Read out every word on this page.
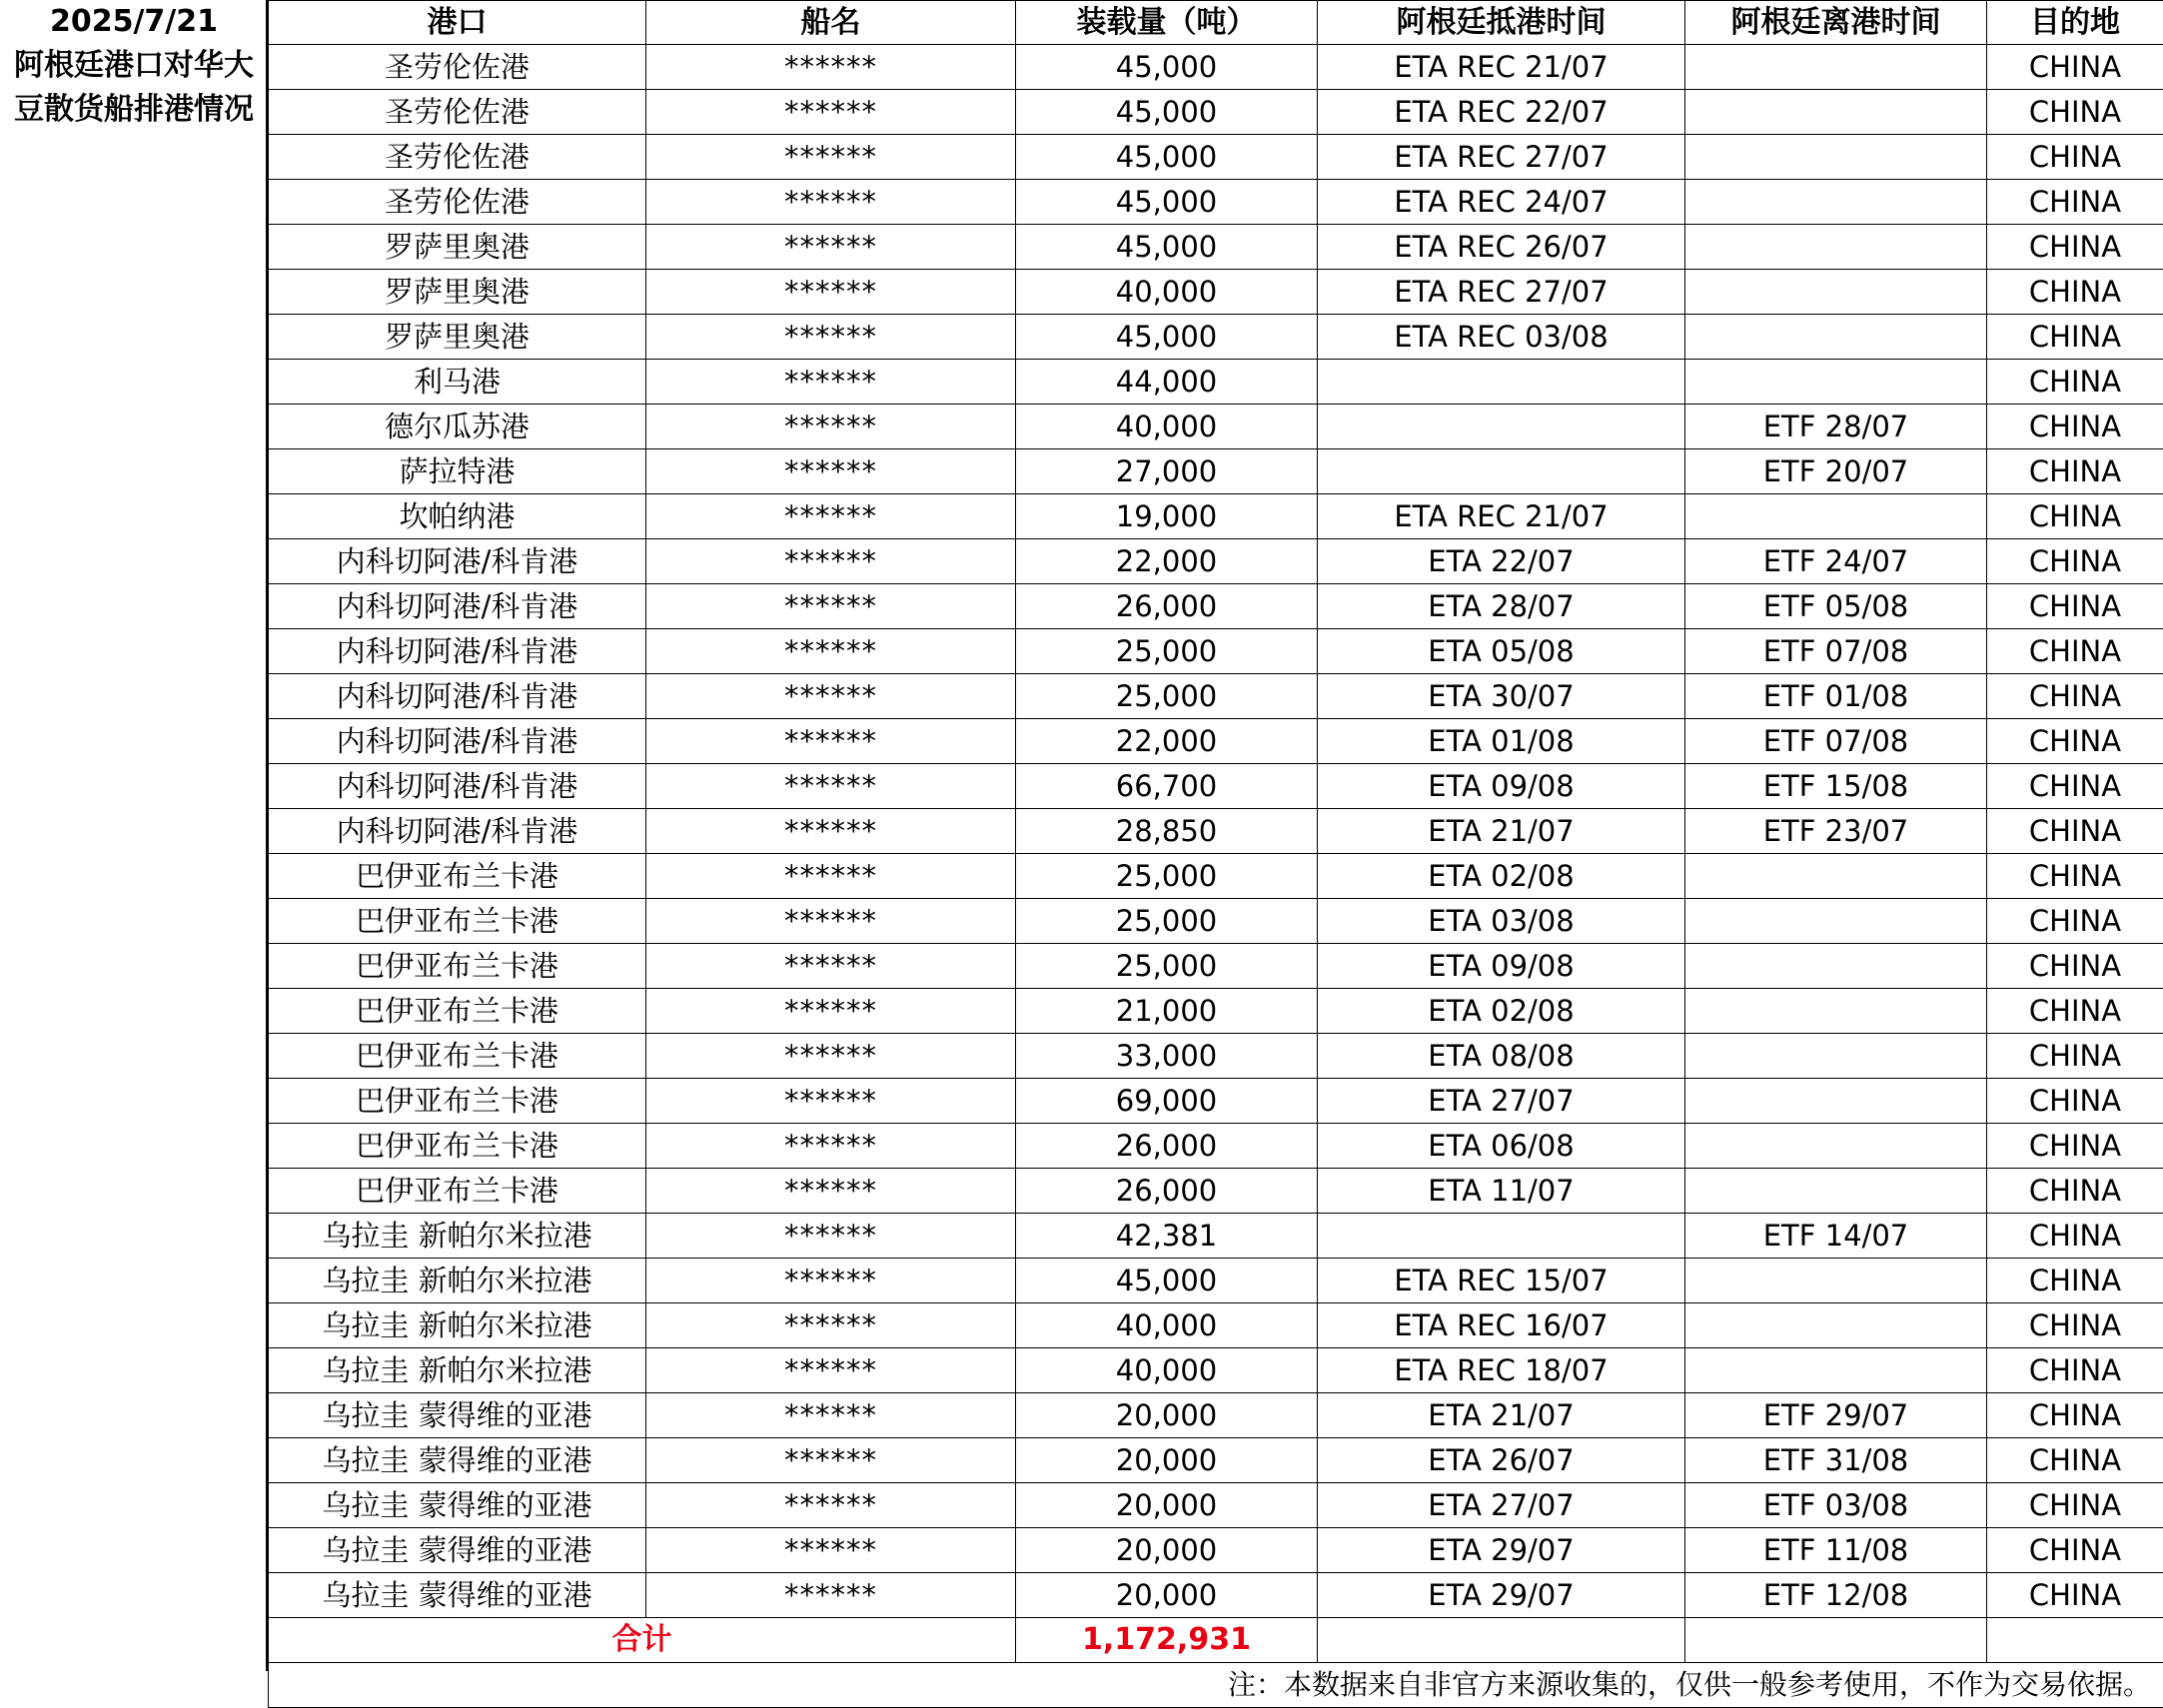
2025/7/21
阿根廷港口对华大豆散货船排港情况
港口	船名	装载量（吨）	阿根廷抵港时间	阿根廷离港时间	目的地
圣劳伦佐港	******	45,000	ETA REC 21/07		CHINA
圣劳伦佐港	******	45,000	ETA REC 22/07		CHINA
圣劳伦佐港	******	45,000	ETA REC 27/07		CHINA
圣劳伦佐港	******	45,000	ETA REC 24/07		CHINA
罗萨里奥港	******	45,000	ETA REC 26/07		CHINA
罗萨里奥港	******	40,000	ETA REC 27/07		CHINA
罗萨里奥港	******	45,000	ETA REC 03/08		CHINA
利马港	******	44,000			CHINA
德尔瓜苏港	******	40,000		ETF 28/07	CHINA
萨拉特港	******	27,000		ETF 20/07	CHINA
坎帕纳港	******	19,000	ETA REC 21/07		CHINA
内科切阿港/科肯港	******	22,000	ETA 22/07	ETF 24/07	CHINA
内科切阿港/科肯港	******	26,000	ETA 28/07	ETF 05/08	CHINA
内科切阿港/科肯港	******	25,000	ETA 05/08	ETF 07/08	CHINA
内科切阿港/科肯港	******	25,000	ETA 30/07	ETF 01/08	CHINA
内科切阿港/科肯港	******	22,000	ETA 01/08	ETF 07/08	CHINA
内科切阿港/科肯港	******	66,700	ETA 09/08	ETF 15/08	CHINA
内科切阿港/科肯港	******	28,850	ETA 21/07	ETF 23/07	CHINA
巴伊亚布兰卡港	******	25,000	ETA 02/08		CHINA
巴伊亚布兰卡港	******	25,000	ETA 03/08		CHINA
巴伊亚布兰卡港	******	25,000	ETA 09/08		CHINA
巴伊亚布兰卡港	******	21,000	ETA 02/08		CHINA
巴伊亚布兰卡港	******	33,000	ETA 08/08		CHINA
巴伊亚布兰卡港	******	69,000	ETA 27/07		CHINA
巴伊亚布兰卡港	******	26,000	ETA 06/08		CHINA
巴伊亚布兰卡港	******	26,000	ETA 11/07		CHINA
乌拉圭 新帕尔米拉港	******	42,381		ETF 14/07	CHINA
乌拉圭 新帕尔米拉港	******	45,000	ETA REC 15/07		CHINA
乌拉圭 新帕尔米拉港	******	40,000	ETA REC 16/07		CHINA
乌拉圭 新帕尔米拉港	******	40,000	ETA REC 18/07		CHINA
乌拉圭 蒙得维的亚港	******	20,000	ETA 21/07	ETF 29/07	CHINA
乌拉圭 蒙得维的亚港	******	20,000	ETA 26/07	ETF 31/08	CHINA
乌拉圭 蒙得维的亚港	******	20,000	ETA 27/07	ETF 03/08	CHINA
乌拉圭 蒙得维的亚港	******	20,000	ETA 29/07	ETF 11/08	CHINA
乌拉圭 蒙得维的亚港	******	20,000	ETA 29/07	ETF 12/08	CHINA
合计		1,172,931			
注：本数据来自非官方来源收集的，仅供一般参考使用，不作为交易依据。					
